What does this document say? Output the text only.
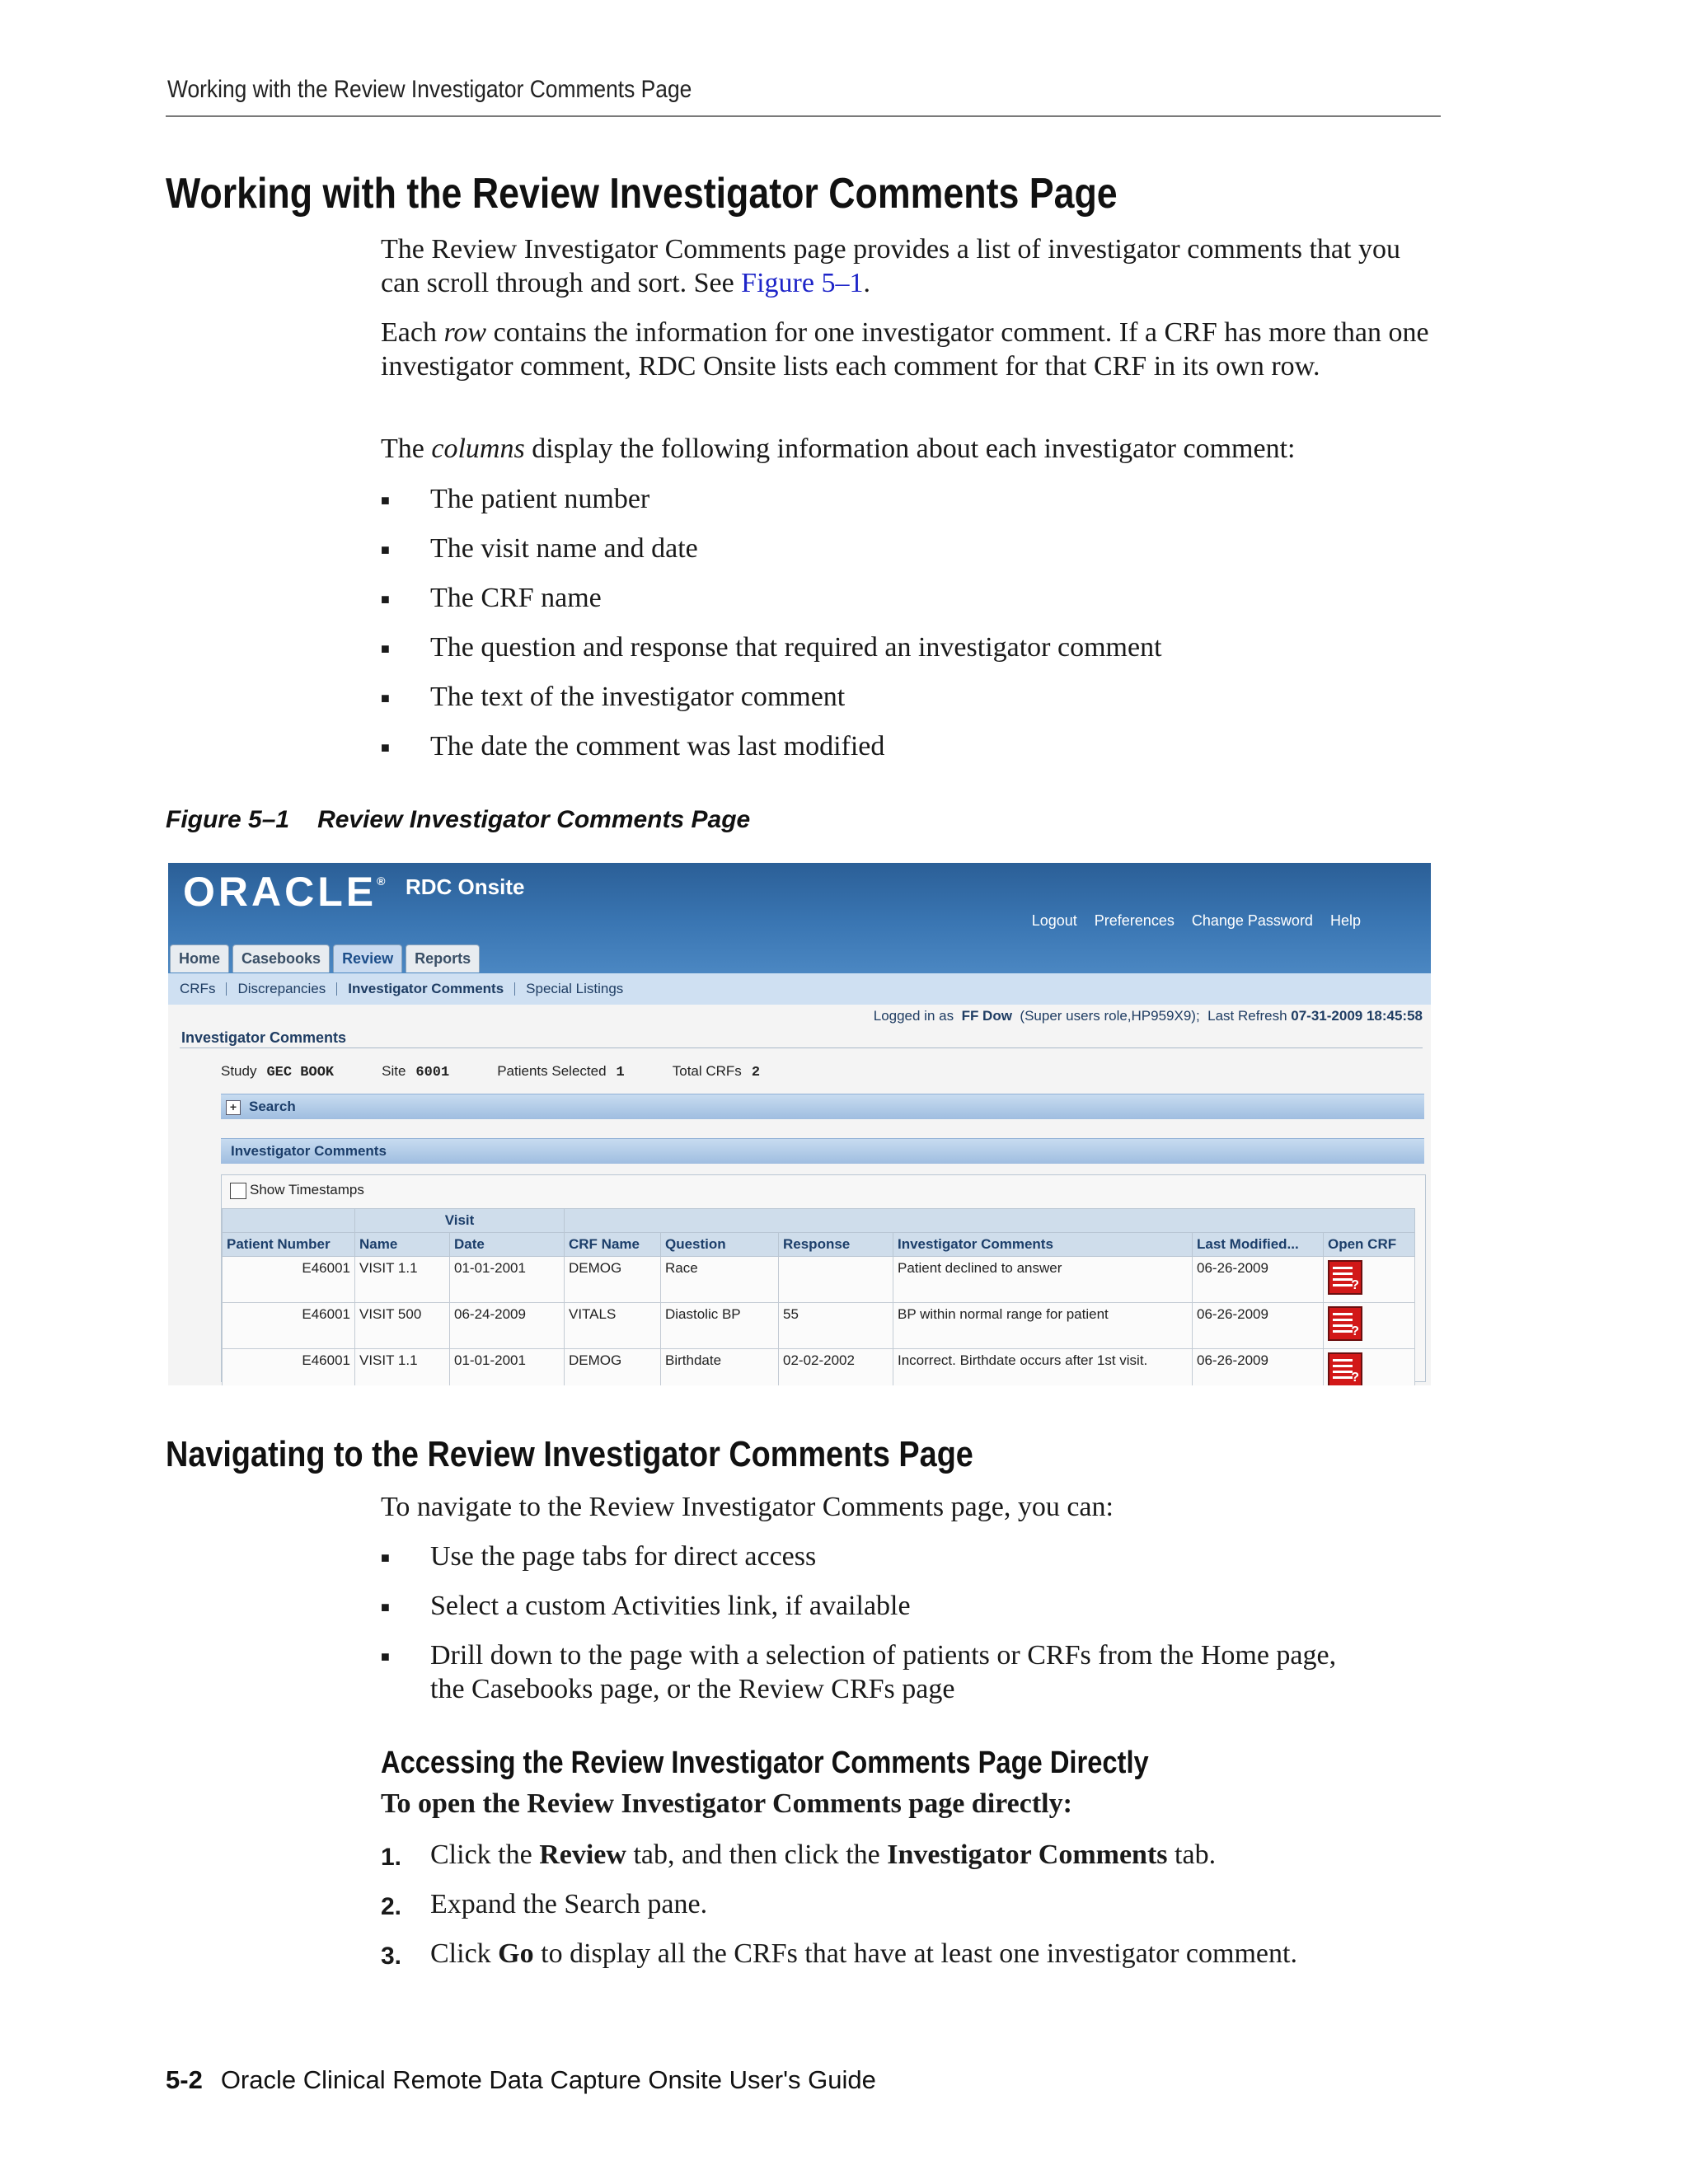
Working with the Review Investigator Comments Page
Working with the Review Investigator Comments Page
The Review Investigator Comments page provides a list of investigator comments that you can scroll through and sort. See Figure 5–1.
Each row contains the information for one investigator comment. If a CRF has more than one investigator comment, RDC Onsite lists each comment for that CRF in its own row.
The columns display the following information about each investigator comment:
■ The patient number
■ The visit name and date
■ The CRF name
■ The question and response that required an investigator comment
■ The text of the investigator comment
■ The date the comment was last modified
Figure 5–1 Review Investigator Comments Page
ORACLE® RDC Onsite
Logout Preferences Change Password Help
Home Casebooks Review Reports
CRFs Discrepancies Investigator Comments Special Listings
Logged in as FF Dow (Super users role,HP959X9); Last Refresh 07-31-2009 18:45:58
Investigator Comments
Study GEC BOOK	Site 6001	Patients Selected 1	Total CRFs 2
+ Search
Investigator Comments
Show Timestamps
	Visit							
Patient Number	Name	Date	CRF Name	Question	Response	Investigator Comments	Last Modified...	Open CRF
E46001	VISIT 1.1	01-01-2001	DEMOG	Race		Patient declined to answer	06-26-2009	?
E46001	VISIT 500	06-24-2009	VITALS	Diastolic BP	55	BP within normal range for patient	06-26-2009	?
E46001	VISIT 1.1	01-01-2001	DEMOG	Birthdate	02-02-2002	Incorrect. Birthdate occurs after 1st visit.	06-26-2009	?
Navigating to the Review Investigator Comments Page
To navigate to the Review Investigator Comments page, you can:
■ Use the page tabs for direct access
■ Select a custom Activities link, if available
■ Drill down to the page with a selection of patients or CRFs from the Home page,
the Casebooks page, or the Review CRFs page
Accessing the Review Investigator Comments Page Directly
To open the Review Investigator Comments page directly:
1. Click the Review tab, and then click the Investigator Comments tab.
2. Expand the Search pane.
3. Click Go to display all the CRFs that have at least one investigator comment.
5-2 Oracle Clinical Remote Data Capture Onsite User's Guide
